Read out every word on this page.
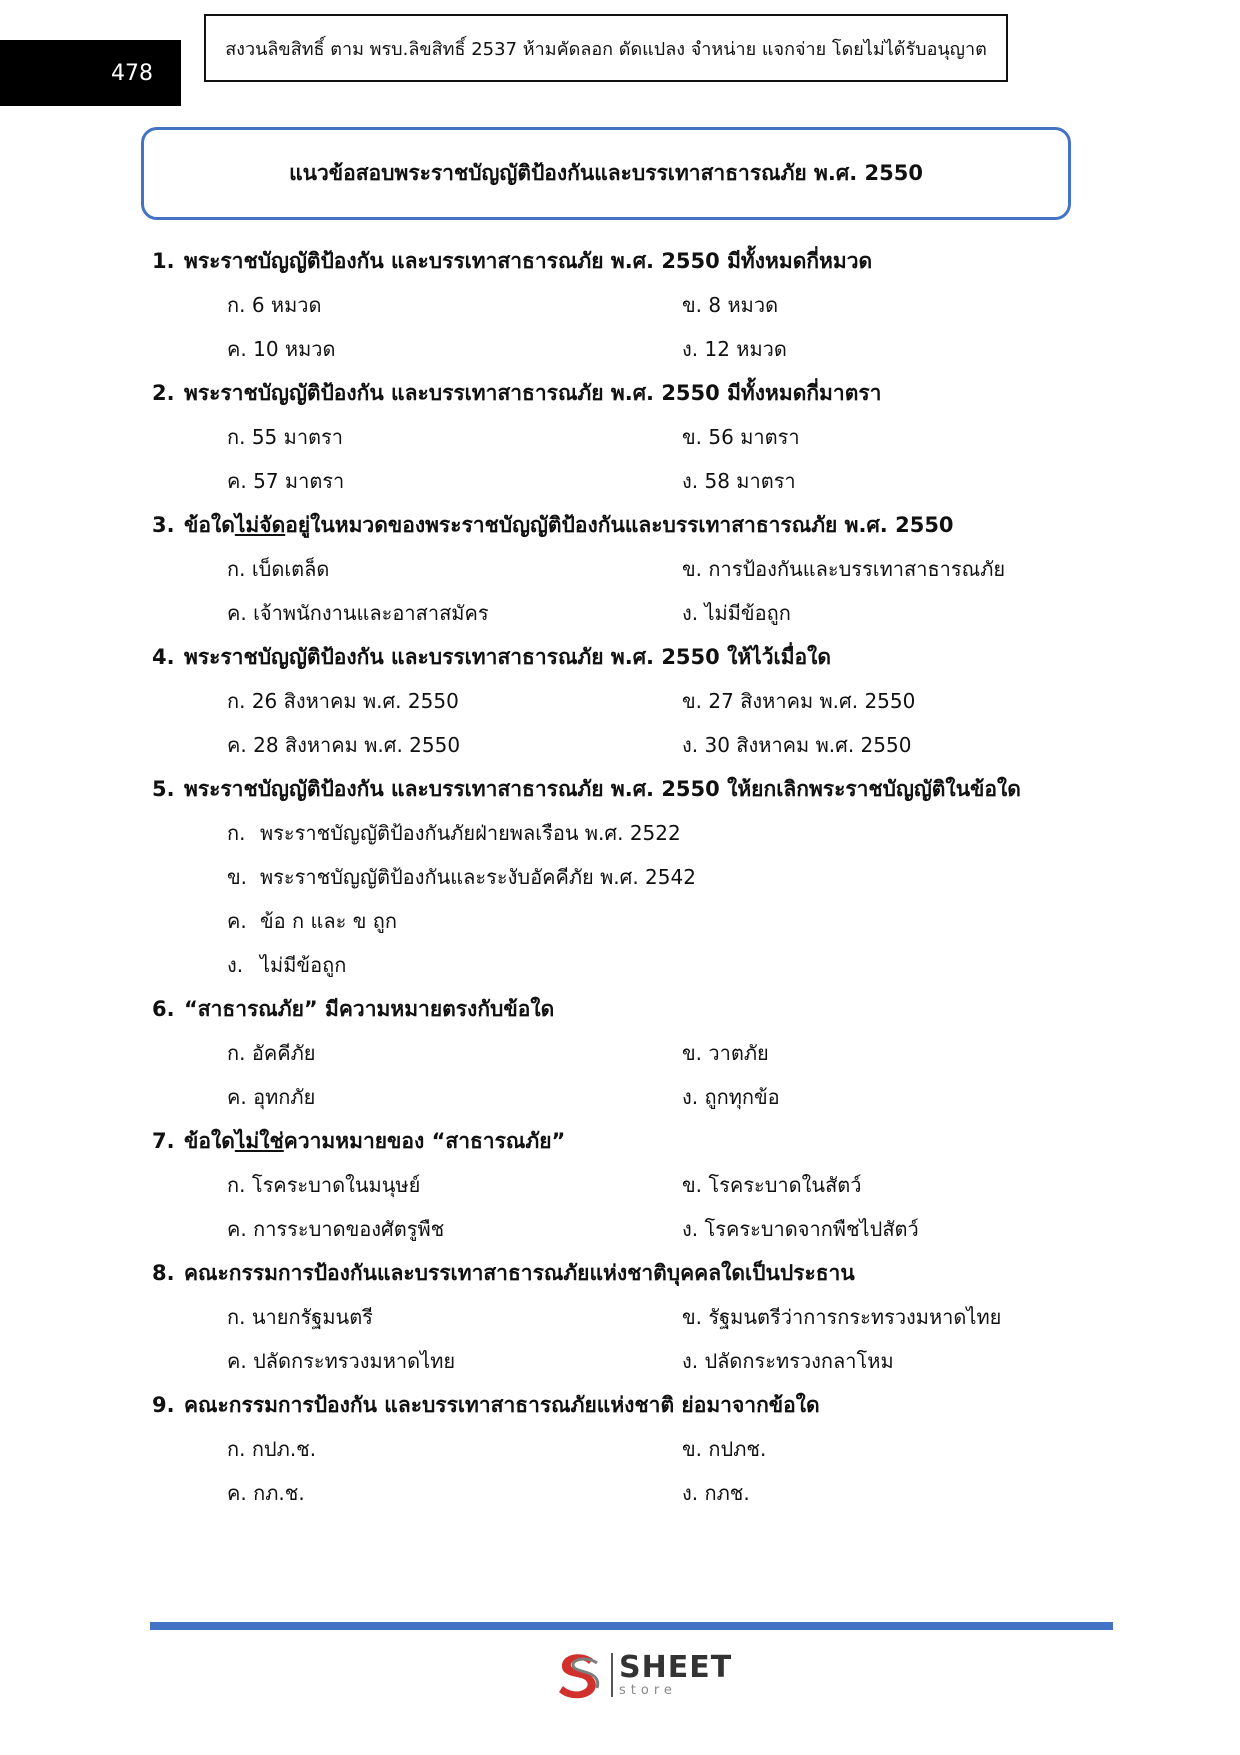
478
สงวนลิขสิทธิ์ ตาม พรบ.ลิขสิทธิ์ 2537 ห้ามคัดลอก ดัดแปลง จำหน่าย แจกจ่าย โดยไม่ได้รับอนุญาต
แนวข้อสอบพระราชบัญญัติป้องกันและบรรเทาสาธารณภัย พ.ศ. 2550
1. พระราชบัญญัติป้องกัน และบรรเทาสาธารณภัย พ.ศ. 2550 มีทั้งหมดกี่หมวด
ก. 6 หมวด	ข. 8 หมวด
ค. 10 หมวด	ง. 12 หมวด
2. พระราชบัญญัติป้องกัน และบรรเทาสาธารณภัย พ.ศ. 2550 มีทั้งหมดกี่มาตรา
ก. 55 มาตรา	ข. 56 มาตรา
ค. 57 มาตรา	ง. 58 มาตรา
3. ข้อใดไม่จัดอยู่ในหมวดของพระราชบัญญัติป้องกันและบรรเทาสาธารณภัย พ.ศ. 2550
ก. เบ็ดเตล็ด	ข. การป้องกันและบรรเทาสาธารณภัย
ค. เจ้าพนักงานและอาสาสมัคร	ง. ไม่มีข้อถูก
4. พระราชบัญญัติป้องกัน และบรรเทาสาธารณภัย พ.ศ. 2550 ให้ไว้เมื่อใด
ก. 26 สิงหาคม พ.ศ. 2550	ข. 27 สิงหาคม พ.ศ. 2550
ค. 28 สิงหาคม พ.ศ. 2550	ง. 30 สิงหาคม พ.ศ. 2550
5. พระราชบัญญัติป้องกัน และบรรเทาสาธารณภัย พ.ศ. 2550 ให้ยกเลิกพระราชบัญญัติในข้อใด
ก. พระราชบัญญัติป้องกันภัยฝ่ายพลเรือน พ.ศ. 2522
ข. พระราชบัญญัติป้องกันและระงับอัคคีภัย พ.ศ. 2542
ค. ข้อ ก และ ข ถูก
ง. ไม่มีข้อถูก
6. “สาธารณภัย” มีความหมายตรงกับข้อใด
ก. อัคคีภัย	ข. วาตภัย
ค. อุทกภัย	ง. ถูกทุกข้อ
7. ข้อใดไม่ใช่ความหมายของ “สาธารณภัย”
ก. โรคระบาดในมนุษย์	ข. โรคระบาดในสัตว์
ค. การระบาดของศัตรูพืช	ง. โรคระบาดจากพืชไปสัตว์
8. คณะกรรมการป้องกันและบรรเทาสาธารณภัยแห่งชาติบุคคลใดเป็นประธาน
ก. นายกรัฐมนตรี	ข. รัฐมนตรีว่าการกระทรวงมหาดไทย
ค. ปลัดกระทรวงมหาดไทย	ง. ปลัดกระทรวงกลาโหม
9. คณะกรรมการป้องกัน และบรรเทาสาธารณภัยแห่งชาติ ย่อมาจากข้อใด
ก. กปภ.ช.	ข. กปภช.
ค. กภ.ช.	ง. กภช.
SHEET
store
